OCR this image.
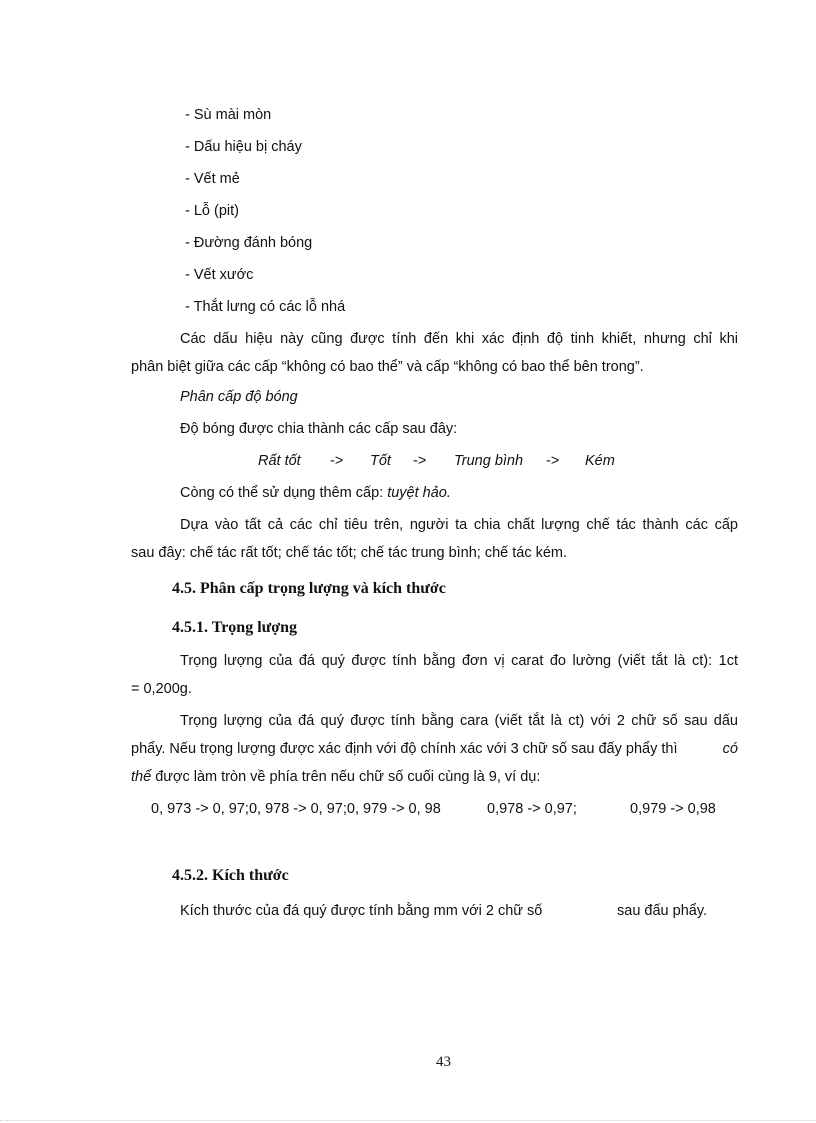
- Sù mài mòn
- Dấu hiệu bị cháy
- Vết mẻ
- Lỗ (pit)
- Đường đánh bóng
- Vết xước
- Thắt lưng có các lỗ nhá
Các dấu hiệu này cũng được tính đến khi xác định độ tinh khiết, nhưng chỉ khi
phân biệt giữa các cấp “không có bao thể” và cấp “không có bao thể bên trong”.
Phân cấp độ bóng
Độ bóng được chia thành các cấp sau đây:
Rất tốt -> Tốt -> Trung bình -> Kém
Còng có thể sử dụng thêm cấp: tuyệt hảo.
Dựa vào tất cả các chỉ tiêu trên, người ta chia chất lượng chế tác thành các cấp
sau đây: chế tác rất tốt; chế tác tốt; chế tác trung bình; chế tác kém.
4.5. Phân cấp trọng lượng và kích thước
4.5.1. Trọng lượng
Trọng lượng của đá quý được tính bằng đơn vị carat đo lường (viết tắt là ct): 1ct
= 0,200g.
Trọng lượng của đá quý được tính bằng cara (viết tắt là ct) với 2 chữ số sau dấu
phẩy. Nếu trọng lượng được xác định với độ chính xác với 3 chữ số sau đấy phẩy thì	có
thể được làm tròn về phía trên nếu chữ số cuối cùng là 9, ví dụ:
0, 973 -> 0, 97;0, 978 -> 0, 97;0, 979 -> 0, 98	0,978 -> 0,97;	0,979 -> 0,98
4.5.2. Kích thước
Kích thước của đá quý được tính bằng mm với 2 chữ số	sau đấu phẩy.
43
